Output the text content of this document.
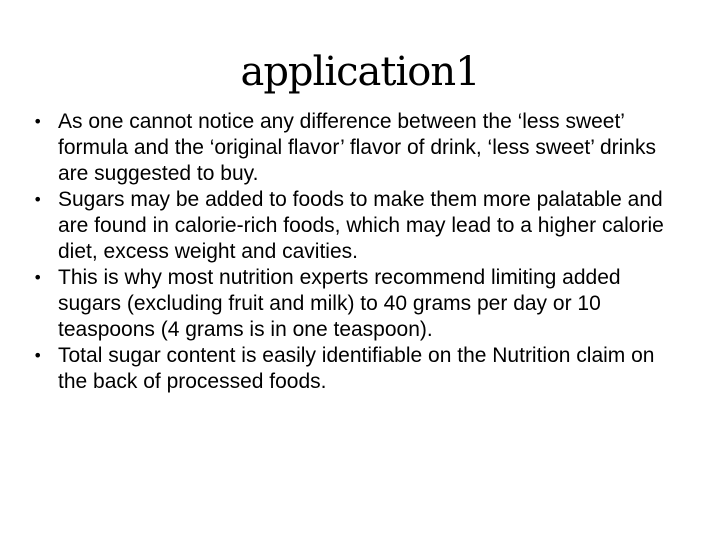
application1
• As one cannot notice any difference between the ‘less sweet’ formula and the ‘original flavor’ flavor of drink, ‘less sweet’ drinks are suggested to buy.
• Sugars may be added to foods to make them more palatable and are found in calorie-rich foods, which may lead to a higher calorie diet, excess weight and cavities.
• This is why most nutrition experts recommend limiting added sugars (excluding fruit and milk) to 40 grams per day or 10 teaspoons (4 grams is in one teaspoon).
• Total sugar content is easily identifiable on the Nutrition claim on the back of processed foods.
